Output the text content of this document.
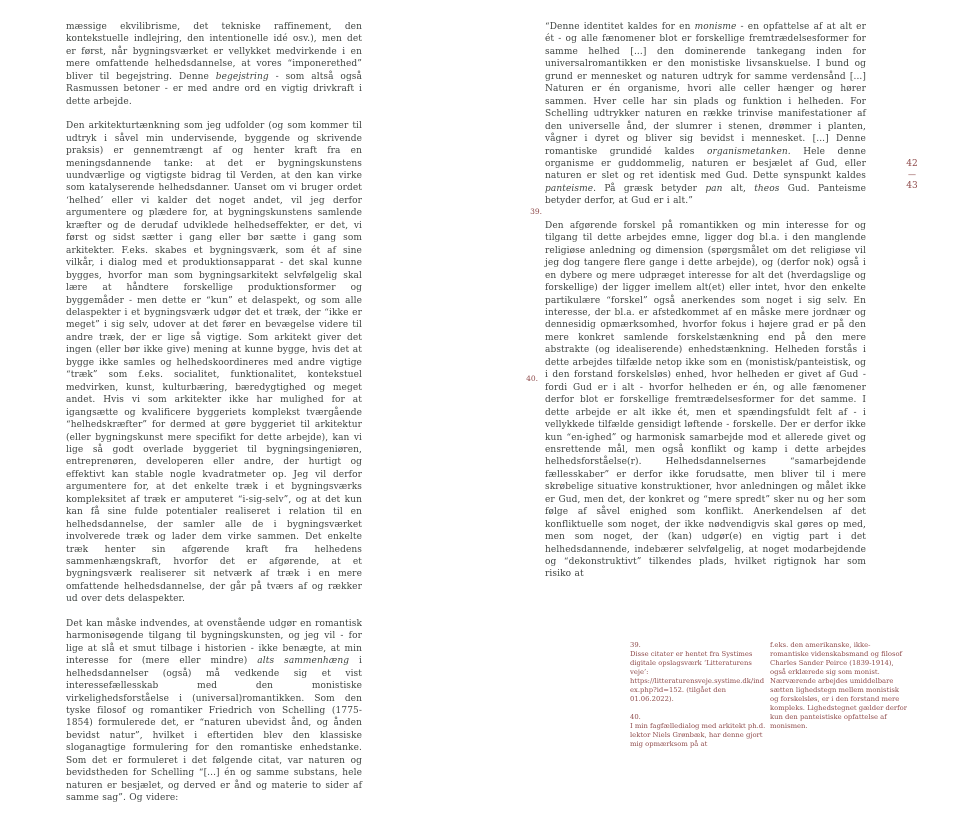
mæssige ekvilibrisme, det tekniske raffinement, den kontekstuelle indlejring, den intentionelle idé osv.), men det er først, når bygningsværket er vellykket medvirkende i en mere omfattende helhedsdannelse, at vores “imponerethed” bliver til begejstring. Denne begejstring - som altså også Rasmussen betoner - er med andre ord en vigtig drivkraft i dette arbejde.

Den arkitekturtænkning som jeg udfolder (og som kommer til udtryk i såvel min undervisende, byggende og skrivende praksis) er gennemtrængt af og henter kraft fra en meningsdannende tanke: at det er bygningskunstens uundværlige og vigtigste bidrag til Verden, at den kan virke som katalyserende helhedsdanner. Uanset om vi bruger ordet ‘helhed’ eller vi kalder det noget andet, vil jeg derfor argumentere og plædere for, at bygningskunstens samlende kræfter og de derudaf udviklede helhedseffekter, er det, vi først og sidst sætter i gang eller bør sætte i gang som arkitekter. F.eks. skabes et bygningsværk, som ét af sine vilkår, i dialog med et produktionsapparat - det skal kunne bygges, hvorfor man som bygningsarkitekt selvfølgelig skal lære at håndtere forskellige produktionsformer og byggemåder - men dette er “kun” et delaspekt, og som alle delaspekter i et bygningsværk udgør det et træk, der “ikke er meget” i sig selv, udover at det fører en bevægelse videre til andre træk, der er lige så vigtige. Som arkitekt giver det ingen (eller bør ikke give) mening at kunne bygge, hvis det at bygge ikke samles og helhedskoordineres med andre vigtige “træk” som f.eks. socialitet, funktionalitet, kontekstuel medvirken, kunst, kulturbæring, bæredygtighed og meget andet. Hvis vi som arkitekter ikke har mulighed for at igangsætte og kvalificere byggeriets komplekst tværgående “helhedskræfter” for dermed at gøre byggeriet til arkitektur (eller bygningskunst mere specifikt for dette arbejde), kan vi lige så godt overlade byggeriet til bygningsingeniøren, entreprenøren, developeren eller andre, der hurtigt og effektivt kan stable nogle kvadratmeter op. Jeg vil derfor argumentere for, at det enkelte træk i et bygningsværks kompleksitet af træk er amputeret “i-sig-selv”, og at det kun kan få sine fulde potentialer realiseret i relation til en helhedsdannelse, der samler alle de i bygningsværket involverede træk og lader dem virke sammen. Det enkelte træk henter sin afgørende kraft fra helhedens sammenhængskraft, hvorfor det er afgørende, at et bygningsværk realiserer sit netværk af træk i en mere omfattende helhedsdannelse, der går på tværs af og rækker ud over dets delaspekter.

Det kan måske indvendes, at ovenstående udgør en romantisk harmonisøgende tilgang til bygningskunsten, og jeg vil - for lige at slå et smut tilbage i historien - ikke benægte, at min interesse for (mere eller mindre) alts sammenhæng i helhedsdannelser (også) må vedkende sig et vist interessefællesskab med den monistiske virkelighedsforståelse i (universal)romantikken. Som den tyske filosof og romantiker Friedrich von Schelling (1775-1854) formulerede det, er “naturen ubevidst ånd, og ånden bevidst natur”, hvilket i eftertiden blev den klassiske sloganagtige formulering for den romantiske enhedstanke. Som det er formuleret i det følgende citat, var naturen og bevidstheden for Schelling “[...] én og samme substans, hele naturen er besjælet, og derved er ånd og materie to sider af samme sag”. Og videre:

“Denne identitet kaldes for en monisme - en opfattelse af at alt er ét - og alle fænomener blot er forskellige fremtrædelsesformer for samme helhed [...] den dominerende tankegang inden for universalromantikken er den monistiske livsanskuelse. I bund og grund er mennesket og naturen udtryk for samme verdensånd [...] Naturen er én organisme, hvori alle celler hænger og hører sammen. Hver celle har sin plads og funktion i helheden. For Schelling udtrykker naturen en række trinvise manifestationer af den universelle ånd, der slumrer i stenen, drømmer i planten, vågner i dyret og bliver sig bevidst i mennesket. [...] Denne romantiske grundidé kaldes organismetanken. Hele denne organisme er guddommelig, naturen er besjælet af Gud, eller naturen er slet og ret identisk med Gud. Dette synspunkt kaldes panteisme. På græsk betyder pan alt, theos Gud. Panteisme betyder derfor, at Gud er i alt.”

Den afgørende forskel på romantikken og min interesse for og tilgang til dette arbejdes emne, ligger dog bl.a. i den manglende religiøse anledning og dimension (spørgsmålet om det religiøse vil jeg dog tangere flere gange i dette arbejde), og (derfor nok) også i en dybere og mere udpræget interesse for alt det (hverdagslige og forskellige) der ligger imellem alt(et) eller intet, hvor den enkelte partikulære “forskel” også anerkendes som noget i sig selv. En interesse, der bl.a. er afstedkommet af en måske mere jordnær og dennesidig opmærksomhed, hvorfor fokus i højere grad er på den mere konkret samlende forskelstænkning end på den mere abstrakte (og idealiserende) enhedstænkning. Helheden forstås i dette arbejdes tilfælde netop ikke som en (monistisk/panteistisk, og i den forstand forskelsløs) enhed, hvor helheden er givet af Gud - fordi Gud er i alt - hvorfor helheden er én, og alle fænomener derfor blot er forskellige fremtrædelsesformer for det samme. I dette arbejde er alt ikke ét, men et spændingsfuldt felt af - i vellykkede tilfælde gensidigt løftende - forskelle. Der er derfor ikke kun “en-ighed” og harmonisk samarbejde mod et allerede givet og ensrettende mål, men også konflikt og kamp i dette arbejdes helhedsforståelse(r). Helhedsdannelsernes “samarbejdende fællesskaber” er derfor ikke forudsatte, men bliver til i mere skrøbelige situative konstruktioner, hvor anledningen og målet ikke er Gud, men det, der konkret og “mere spredt” sker nu og her som følge af såvel enighed som konflikt. Anerkendelsen af det konfliktuelle som noget, der ikke nødvendigvis skal gøres op med, men som noget, der (kan) udgør(e) en vigtig part i det helhedsdannende, indebærer selvfølgelig, at noget modarbejdende og “dekonstruktivt” tilkendes plads, hvilket rigtignok har som risiko at

39.
40.
42
—
43
39.
Disse citater er hentet fra Systimes digitale opslagsværk ‘Litteraturens veje’: https://litteraturensveje.systime.dk/index.php?id=152. (tilgået den 01.06.2022).
40.
I min fagfælledialog med arkitekt ph.d. lektor Niels Grønbæk, har denne gjort mig opmærksom på at
f.eks. den amerikanske, ikke-romantiske videnskabsmand og filosof Charles Sander Peirce (1839-1914), også erklærede sig som monist. Nærværende arbejdes umiddelbare sætten lighedstegn mellem monistisk og forskelsløs, er i den forstand mere kompleks. Lighedstegnet gælder derfor kun den panteistiske opfattelse af monismen.
